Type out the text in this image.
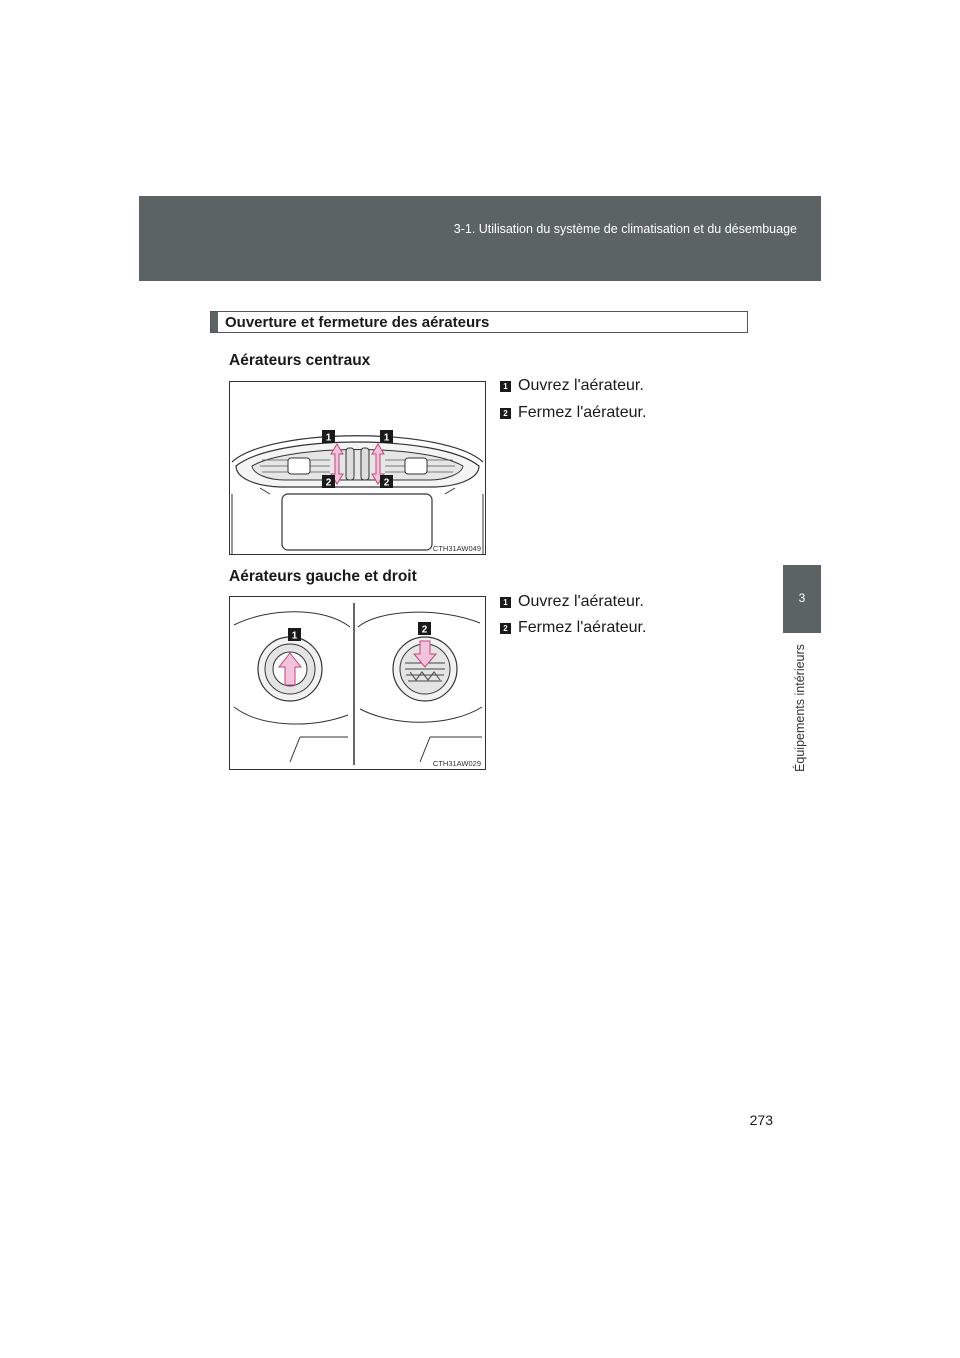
3-1. Utilisation du système de climatisation et du désembuage
3
Équipements intérieurs
Ouverture et fermeture des aérateurs
Aérateurs centraux
1	1
2	2
CTH31AW049
1 Ouvrez l'aérateur.
2 Fermez l'aérateur.
Aérateurs gauche et droit
1
2
CTH31AW029
1 Ouvrez l'aérateur.
2 Fermez l'aérateur.
273
